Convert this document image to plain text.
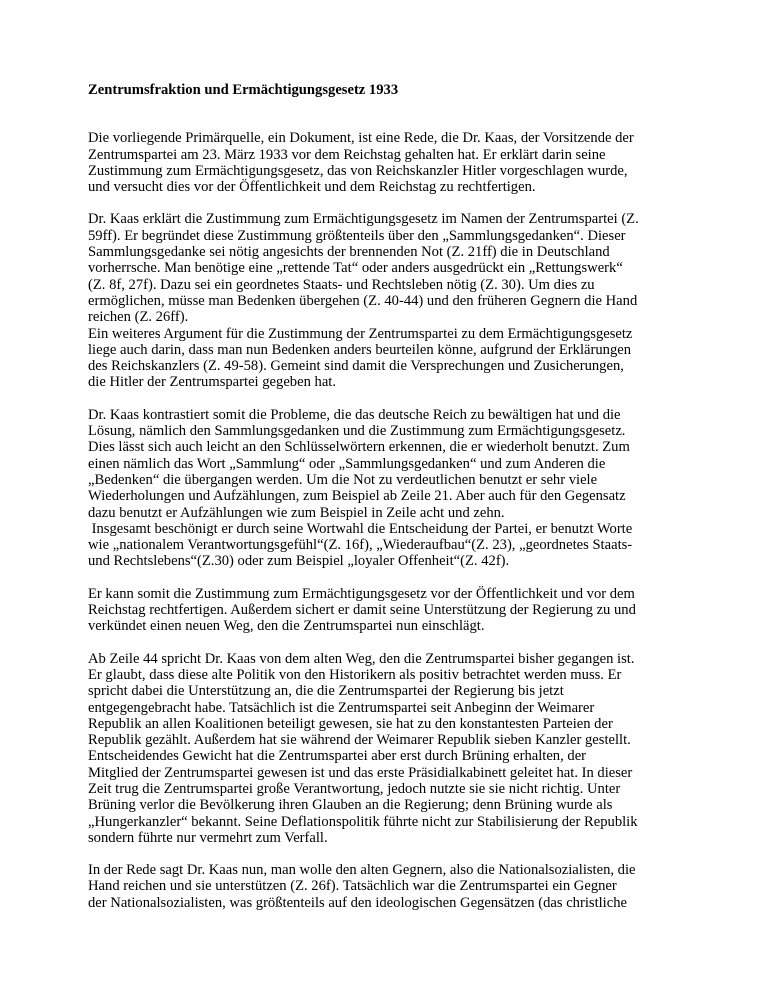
Zentrumsfraktion und Ermächtigungsgesetz 1933
Die vorliegende Primärquelle, ein Dokument, ist eine Rede, die Dr. Kaas, der Vorsitzende der
Zentrumspartei am 23. März 1933 vor dem Reichstag gehalten hat. Er erklärt darin seine
Zustimmung zum Ermächtigungsgesetz, das von Reichskanzler Hitler vorgeschlagen wurde,
und versucht dies vor der Öffentlichkeit und dem Reichstag zu rechtfertigen.
Dr. Kaas erklärt die Zustimmung zum Ermächtigungsgesetz im Namen der Zentrumspartei (Z.
59ff). Er begründet diese Zustimmung größtenteils über den „Sammlungsgedanken“. Dieser
Sammlungsgedanke sei nötig angesichts der brennenden Not (Z. 21ff) die in Deutschland
vorherrsche. Man benötige eine „rettende Tat“ oder anders ausgedrückt ein „Rettungswerk“
(Z. 8f, 27f). Dazu sei ein geordnetes Staats- und Rechtsleben nötig (Z. 30). Um dies zu
ermöglichen, müsse man Bedenken übergehen (Z. 40-44) und den früheren Gegnern die Hand
reichen (Z. 26ff).
Ein weiteres Argument für die Zustimmung der Zentrumspartei zu dem Ermächtigungsgesetz
liege auch darin, dass man nun Bedenken anders beurteilen könne, aufgrund der Erklärungen
des Reichskanzlers (Z. 49-58). Gemeint sind damit die Versprechungen und Zusicherungen,
die Hitler der Zentrumspartei gegeben hat.
Dr. Kaas kontrastiert somit die Probleme, die das deutsche Reich zu bewältigen hat und die
Lösung, nämlich den Sammlungsgedanken und die Zustimmung zum Ermächtigungsgesetz.
Dies lässt sich auch leicht an den Schlüsselwörtern erkennen, die er wiederholt benutzt. Zum
einen nämlich das Wort „Sammlung“ oder „Sammlungsgedanken“ und zum Anderen die
„Bedenken“ die übergangen werden. Um die Not zu verdeutlichen benutzt er sehr viele
Wiederholungen und Aufzählungen, zum Beispiel ab Zeile 21. Aber auch für den Gegensatz
dazu benutzt er Aufzählungen wie zum Beispiel in Zeile acht und zehn.
Insgesamt beschönigt er durch seine Wortwahl die Entscheidung der Partei, er benutzt Worte
wie „nationalem Verantwortungsgefühl“(Z. 16f), „Wiederaufbau“(Z. 23), „geordnetes Staats-
und Rechtslebens“(Z.30) oder zum Beispiel „loyaler Offenheit“(Z. 42f).
Er kann somit die Zustimmung zum Ermächtigungsgesetz vor der Öffentlichkeit und vor dem
Reichstag rechtfertigen. Außerdem sichert er damit seine Unterstützung der Regierung zu und
verkündet einen neuen Weg, den die Zentrumspartei nun einschlägt.
Ab Zeile 44 spricht Dr. Kaas von dem alten Weg, den die Zentrumspartei bisher gegangen ist.
Er glaubt, dass diese alte Politik von den Historikern als positiv betrachtet werden muss. Er
spricht dabei die Unterstützung an, die die Zentrumspartei der Regierung bis jetzt
entgegengebracht habe. Tatsächlich ist die Zentrumspartei seit Anbeginn der Weimarer
Republik an allen Koalitionen beteiligt gewesen, sie hat zu den konstantesten Parteien der
Republik gezählt. Außerdem hat sie während der Weimarer Republik sieben Kanzler gestellt.
Entscheidendes Gewicht hat die Zentrumspartei aber erst durch Brüning erhalten, der
Mitglied der Zentrumspartei gewesen ist und das erste Präsidialkabinett geleitet hat. In dieser
Zeit trug die Zentrumspartei große Verantwortung, jedoch nutzte sie sie nicht richtig. Unter
Brüning verlor die Bevölkerung ihren Glauben an die Regierung; denn Brüning wurde als
„Hungerkanzler“ bekannt. Seine Deflationspolitik führte nicht zur Stabilisierung der Republik
sondern führte nur vermehrt zum Verfall.
In der Rede sagt Dr. Kaas nun, man wolle den alten Gegnern, also die Nationalsozialisten, die
Hand reichen und sie unterstützen (Z. 26f). Tatsächlich war die Zentrumspartei ein Gegner
der Nationalsozialisten, was größtenteils auf den ideologischen Gegensätzen (das christliche
